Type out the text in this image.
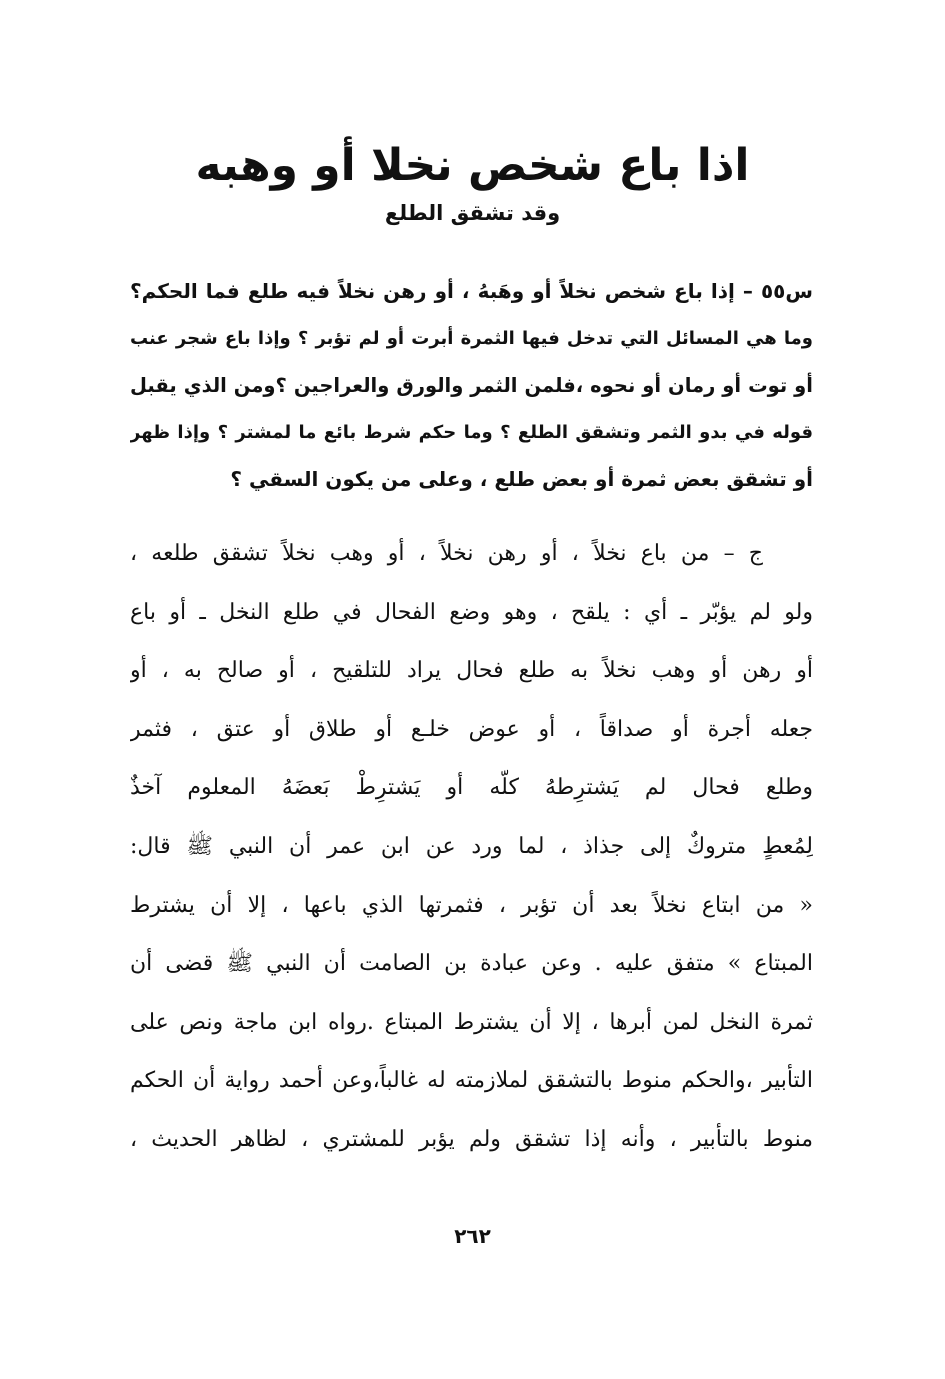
اذا باع شخص نخلا أو وهبه
وقد تشقق الطلع
س٥٥ – إذا باع شخص نخلاً أو وهَبهُ ، أو رهن نخلاً فيه طلع فما الحكم؟
وما هي المسائل التي تدخل فيها الثمرة أبرت أو لم تؤبر ؟ وإذا باع شجر عنب
أو توت أو رمان أو نحوه ،فلمن الثمر والورق والعراجين ؟ومن الذي يقبل
قوله في بدو الثمر وتشقق الطلع ؟ وما حكم شرط بائع ما لمشتر ؟ وإذا ظهر
أو تشقق بعض ثمرة أو بعض طلع ، وعلى من يكون السقي ؟
ج – من باع نخلاً ، أو رهن نخلاً ، أو وهب نخلاً تشقق طلعه ،
ولو لم يؤبّر ـ أي : يلقح ، وهو وضع الفحال في طلع النخل ـ أو باع
أو رهن أو وهب نخلاً به طلع فحال يراد للتلقيح ، أو صالح به ، أو
جعله أجرة أو صداقاً ، أو عوض خلـع أو طلاق أو عتق ، فثمر
وطلع فحال لم يَشترِطهُ كلّه أو يَشترِطْ بَعضَهُ المعلوم آخذٌ
لِمُعطٍ متروكٌ إلى جذاذ ، لما ورد عن ابن عمر أن النبي ﷺ قال:
« من ابتاع نخلاً بعد أن تؤبر ، فثمرتها الذي باعها ، إلا أن يشترط
المبتاع » متفق عليه . وعن عبادة بن الصامت أن النبي ﷺ قضى أن
ثمرة النخل لمن أبرها ، إلا أن يشترط المبتاع .رواه ابن ماجة ونص على
التأبير ،والحكم منوط بالتشقق لملازمته له غالباً،وعن أحمد رواية أن الحكم
منوط بالتأبير ، وأنه إذا تشقق ولم يؤبر للمشتري ، لظاهر الحديث ،
٢٦٢
